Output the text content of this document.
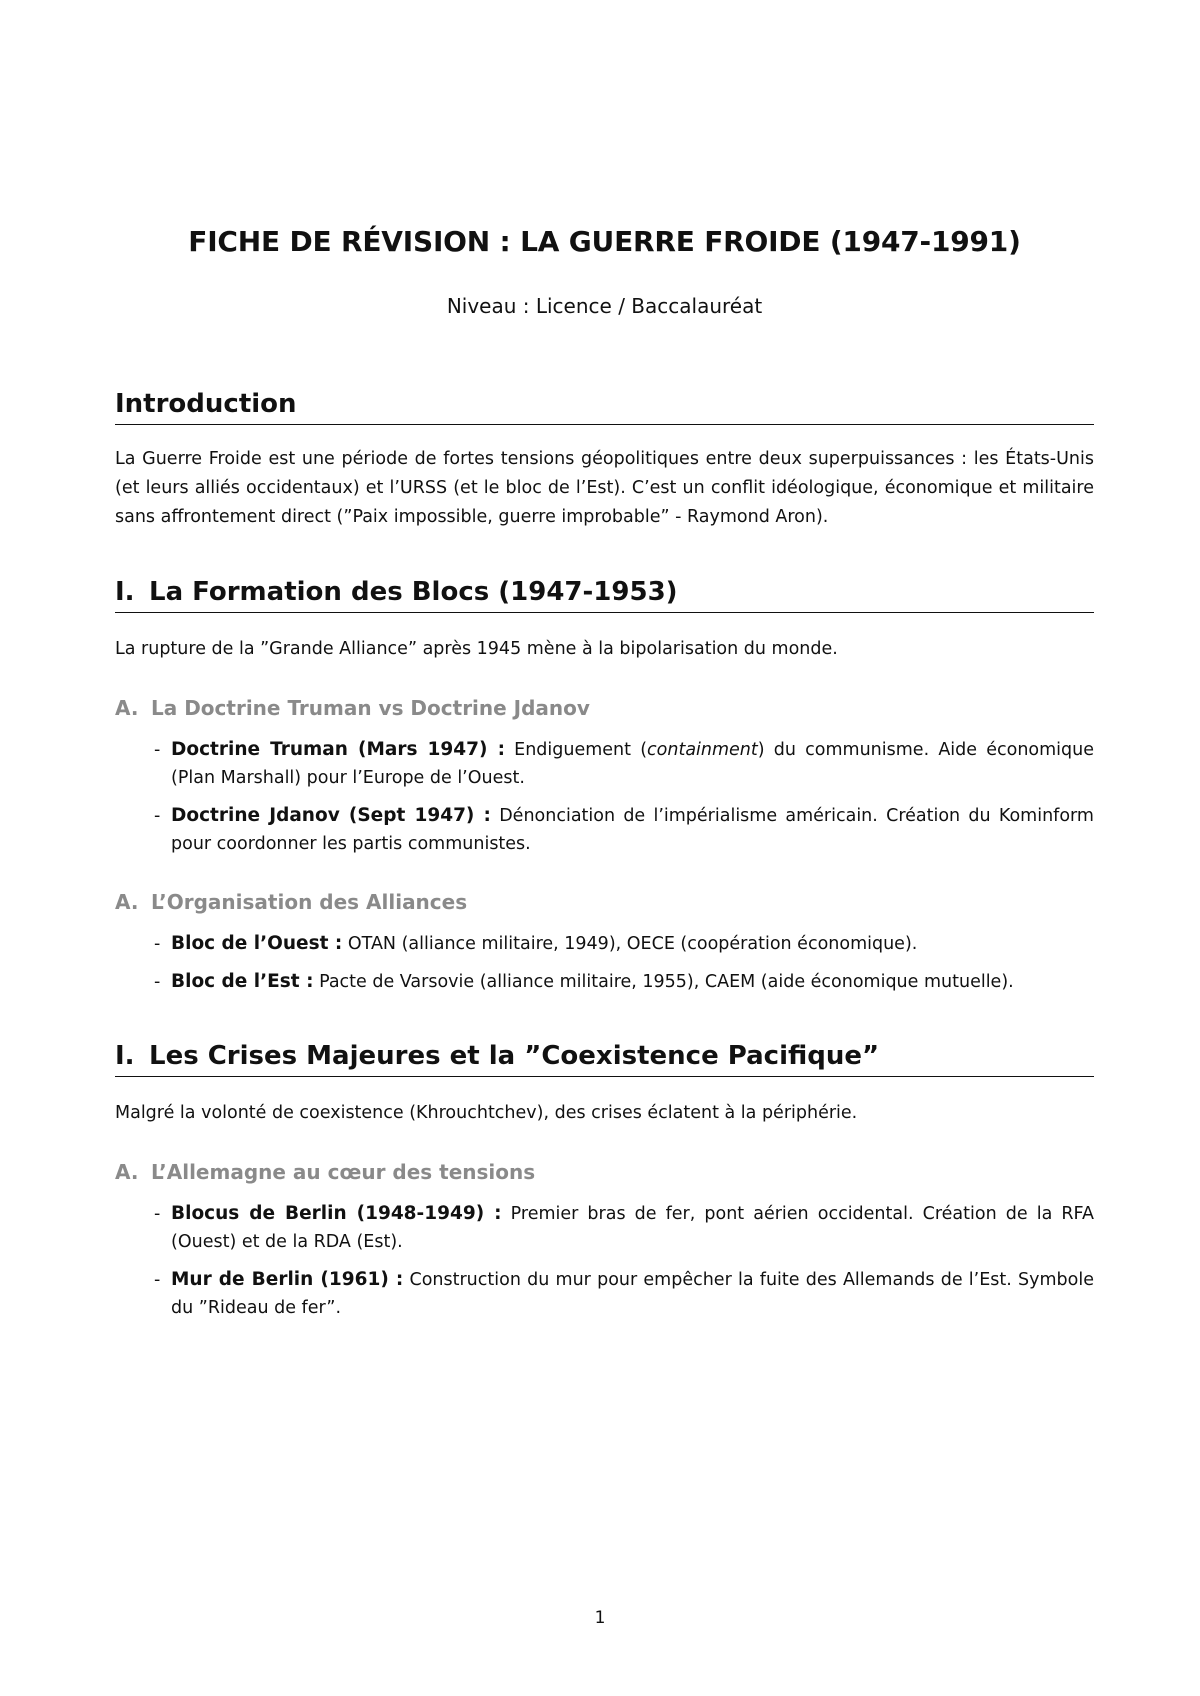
FICHE DE RÉVISION : LA GUERRE FROIDE (1947-1991)

Niveau : Licence / Baccalauréat

Introduction

La Guerre Froide est une période de fortes tensions géopolitiques entre deux superpuissances : les États-Unis (et leurs alliés occidentaux) et l’URSS (et le bloc de l’Est). C’est un conflit idéologique, économique et militaire sans affrontement direct (”Paix impossible, guerre improbable” - Raymond Aron).

I. La Formation des Blocs (1947-1953)

La rupture de la ”Grande Alliance” après 1945 mène à la bipolarisation du monde.

A. La Doctrine Truman vs Doctrine Jdanov
- Doctrine Truman (Mars 1947) : Endiguement (containment) du communisme. Aide économique (Plan Marshall) pour l’Europe de l’Ouest.
- Doctrine Jdanov (Sept 1947) : Dénonciation de l’impérialisme américain. Création du Kominform pour coordonner les partis communistes.
A. L’Organisation des Alliances
- Bloc de l’Ouest : OTAN (alliance militaire, 1949), OECE (coopération économique).
- Bloc de l’Est : Pacte de Varsovie (alliance militaire, 1955), CAEM (aide économique mutuelle).
I. Les Crises Majeures et la ”Coexistence Pacifique”

Malgré la volonté de coexistence (Khrouchtchev), des crises éclatent à la périphérie.

A. L’Allemagne au cœur des tensions
- Blocus de Berlin (1948-1949) : Premier bras de fer, pont aérien occidental. Création de la RFA (Ouest) et de la RDA (Est).
- Mur de Berlin (1961) : Construction du mur pour empêcher la fuite des Allemands de l’Est. Symbole du ”Rideau de fer”.
1
